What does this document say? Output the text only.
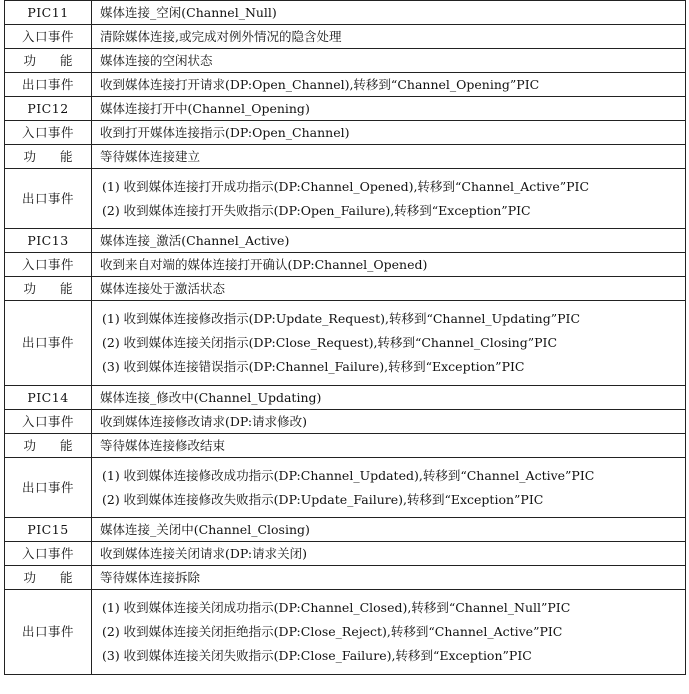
PIC11	媒体连接_空闲(Channel_Null)
入口事件	清除媒体连接,或完成对例外情况的隐含处理
功 能	媒体连接的空闲状态
出口事件	收到媒体连接打开请求(DP:Open_Channel),转移到“Channel_Opening”PIC
PIC12	媒体连接打开中(Channel_Opening)
入口事件	收到打开媒体连接指示(DP:Open_Channel)
功 能	等待媒体连接建立
出口事件	(1) 收到媒体连接打开成功指示(DP:Channel_Opened),转移到“Channel_Active”PIC
(2) 收到媒体连接打开失败指示(DP:Open_Failure),转移到“Exception”PIC

PIC13	媒体连接_激活(Channel_Active)
入口事件	收到来自对端的媒体连接打开确认(DP:Channel_Opened)
功 能	媒体连接处于激活状态
出口事件	(1) 收到媒体连接修改指示(DP:Update_Request),转移到“Channel_Updating”PIC
(2) 收到媒体连接关闭指示(DP:Close_Request),转移到“Channel_Closing”PIC
(3) 收到媒体连接错误指示(DP:Channel_Failure),转移到“Exception”PIC

PIC14	媒体连接_修改中(Channel_Updating)
入口事件	收到媒体连接修改请求(DP:请求修改)
功 能	等待媒体连接修改结束
出口事件	(1) 收到媒体连接修改成功指示(DP:Channel_Updated),转移到“Channel_Active”PIC
(2) 收到媒体连接修改失败指示(DP:Update_Failure),转移到“Exception”PIC

PIC15	媒体连接_关闭中(Channel_Closing)
入口事件	收到媒体连接关闭请求(DP:请求关闭)
功 能	等待媒体连接拆除
出口事件	(1) 收到媒体连接关闭成功指示(DP:Channel_Closed),转移到“Channel_Null”PIC
(2) 收到媒体连接关闭拒绝指示(DP:Close_Reject),转移到“Channel_Active”PIC
(3) 收到媒体连接关闭失败指示(DP:Close_Failure),转移到“Exception”PIC
